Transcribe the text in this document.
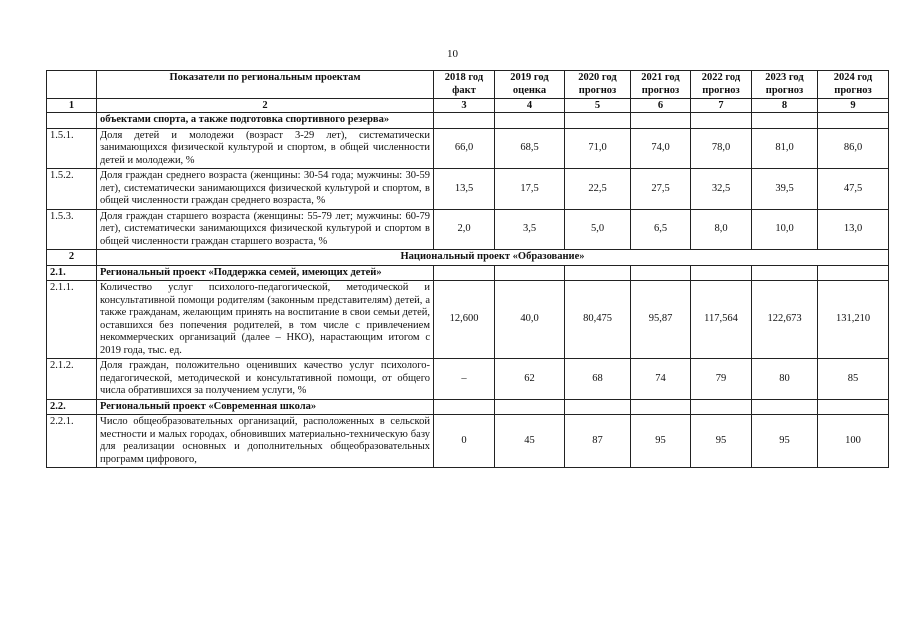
10
	Показатели по региональным проектам	2018 год факт	2019 год оценка	2020 год прогноз	2021 год прогноз	2022 год прогноз	2023 год прогноз	2024 год прогноз
1	2	3	4	5	6	7	8	9
	объектами спорта, а также подготовка спортивного резерва»							
1.5.1.	Доля детей и молодежи (возраст 3-29 лет), систематически занимающихся физической культурой и спортом, в общей численности детей и молодежи, %	66,0	68,5	71,0	74,0	78,0	81,0	86,0
1.5.2.	Доля граждан среднего возраста (женщины: 30-54 года; мужчины: 30-59 лет), систематически занимающихся физической культурой и спортом, в общей численности граждан среднего возраста, %	13,5	17,5	22,5	27,5	32,5	39,5	47,5
1.5.3.	Доля граждан старшего возраста (женщины: 55-79 лет; мужчины: 60-79 лет), систематически занимающихся физической культурой и спортом в общей численности граждан старшего возраста, %	2,0	3,5	5,0	6,5	8,0	10,0	13,0
2	Национальный проект «Образование»							
2.1.	Региональный проект «Поддержка семей, имеющих детей»							
2.1.1.	Количество услуг психолого-педагогической, методической и консультативной помощи родителям (законным представителям) детей, а также гражданам, желающим принять на воспитание в свои семьи детей, оставшихся без попечения родителей, в том числе с привлечением некоммерческих организаций (далее – НКО), нарастающим итогом с 2019 года, тыс. ед.	12,600	40,0	80,475	95,87	117,564	122,673	131,210
2.1.2.	Доля граждан, положительно оценивших качество услуг психолого-педагогической, методической и консультативной помощи, от общего числа обратившихся за получением услуги, %	–	62	68	74	79	80	85
2.2.	Региональный проект «Современная школа»							
2.2.1.	Число общеобразовательных организаций, расположенных в сельской местности и малых городах, обновивших материально-техническую базу для реализации основных и дополнительных общеобразовательных программ цифрового,	0	45	87	95	95	95	100
